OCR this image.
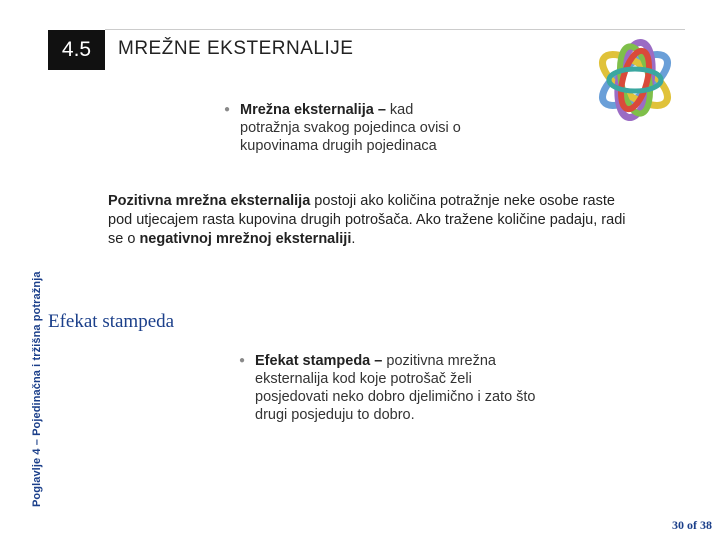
4.5 MREŽNE EKSTERNALIJE
Poglavlje 4 – Pojedinačna i tržišna potražnja
● Mrežna eksternalija – kad
potražnja svakog pojedinca ovisi o
kupovinama drugih pojedinaca
Pozitivna mrežna eksternalija postoji ako količina potražnje neke osobe raste pod utjecajem rasta kupovina drugih potrošača. Ako tražene količine padaju, radi se o negativnoj mrežnoj eksternaliji.
Efekat stampeda
● Efekat stampeda – pozitivna mrežna
eksternalija kod koje potrošač želi
posjedovati neko dobro djelimično i zato što
drugi posjeduju to dobro.
30 of 38
